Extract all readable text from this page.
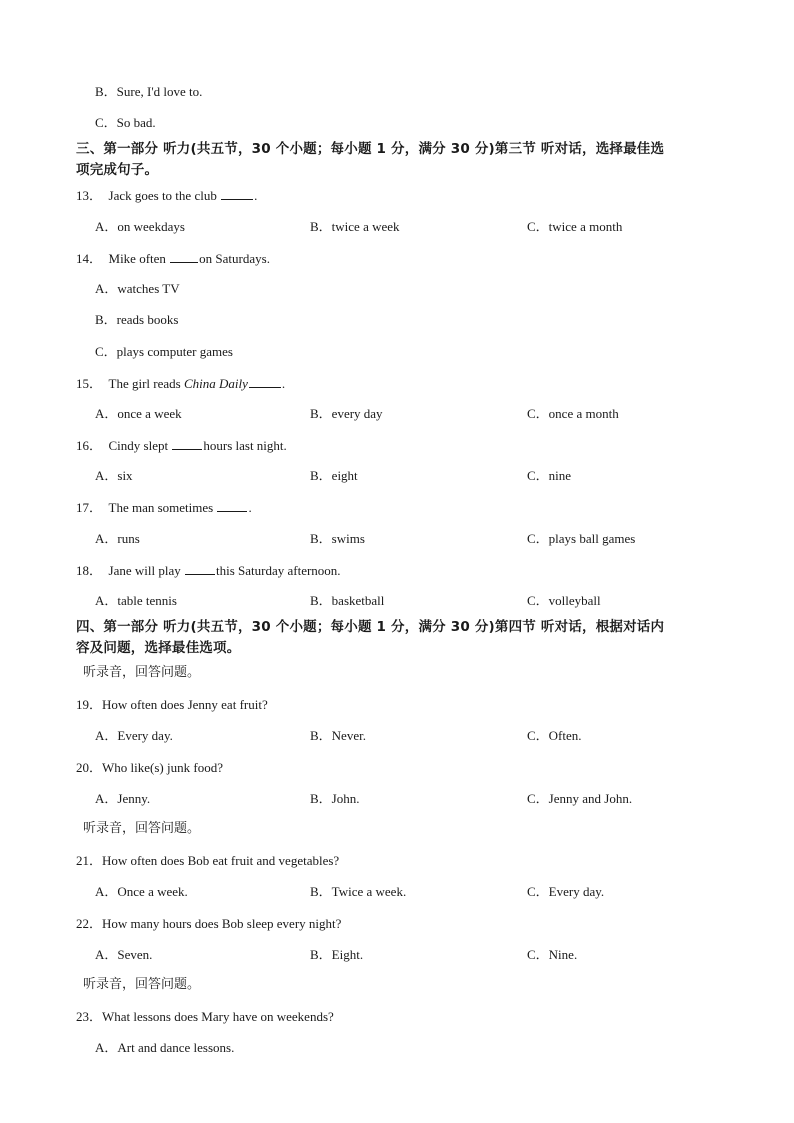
B．Sure, I'd love to.
C．So bad.
三、第一部分 听力(共五节，30 个小题；每小题 1 分，满分 30 分)第三节 听对话，选择最佳选
项完成句子。
13． Jack goes to the club	.
A．on weekdays	B．twice a week	C．twice a month
14． Mike often on Saturdays.
A．watches TV
B．reads books
C．plays computer games
15． The girl reads China Daily	.
A．once a week	B．every day	C．once a month
16． Cindy slept hours last night.
A．six	B．eight	C．nine
17． The man sometimes .
A．runs	B．swims	C．plays ball games
18． Jane will play this Saturday afternoon.
A．table tennis	B．basketball	C．volleyball
四、第一部分 听力(共五节，30 个小题；每小题 1 分，满分 30 分)第四节 听对话，根据对话内
容及问题，选择最佳选项。
听录音，回答问题。
19．How often does Jenny eat fruit?
A．Every day.	B．Never.	C．Often.
20．Who like(s) junk food?
A．Jenny.	B．John.	C．Jenny and John.
听录音，回答问题。
21．How often does Bob eat fruit and vegetables?
A．Once a week.	B．Twice a week.	C．Every day.
22．How many hours does Bob sleep every night?
A．Seven.	B．Eight.	C．Nine.
听录音，回答问题。
23．What lessons does Mary have on weekends?
A．Art and dance lessons.
